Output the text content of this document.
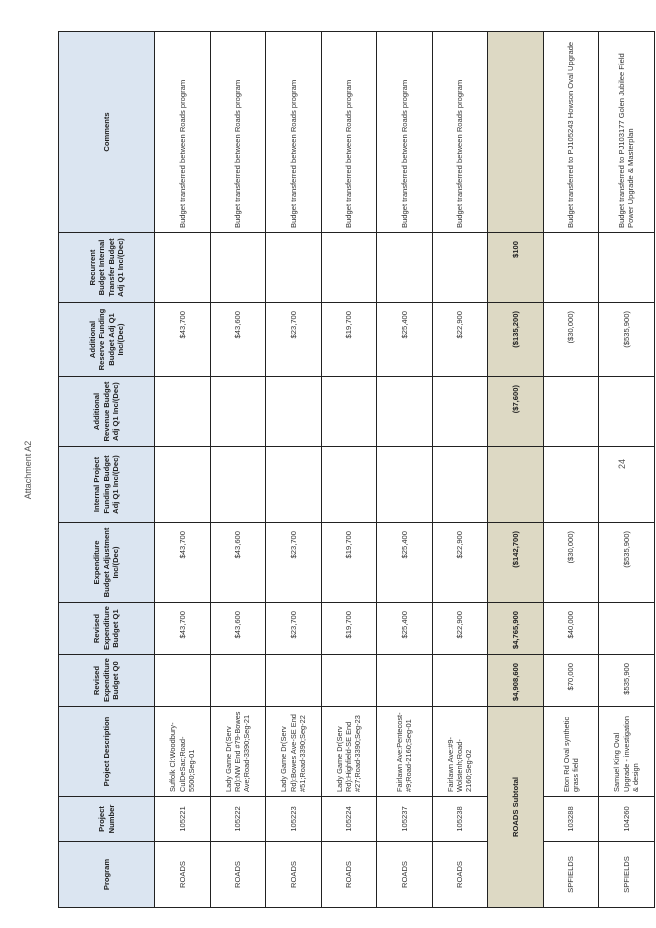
Attachment A2
Program	Project Number	Project Description	Revised Expenditure Budget Q0	Revised Expenditure Budget Q1	Expenditure Budget Adjustment Inc/(Dec)	Internal Project Funding Budget Adj Q1 Inc/(Dec)	Additional Revenue Budget Adj Q1 Inc/(Dec)	Additional Reserve Funding Budget Adj Q1 Inc/(Dec)	Recurrent Budget Internal Transfer Budget Adj Q1 Inc/(Dec)	Comments
ROADS	105221	Suffolk Cl:Woodbury-CulDeSac;Road-5500;Seg-01		$43,700	$43,700			$43,700		Budget transferred between Roads program
ROADS	105222	Lady Game Dr(Serv Rd):NW End #79-Bowes Ave;Road-3390;Seg-21		$43,600	$43,600			$43,600		Budget transferred between Roads program
ROADS	105223	Lady Game Dr(Serv Rd):Bowes Ave-SE End #51;Road-3390;Seg-22		$23,700	$23,700			$23,700		Budget transferred between Roads program
ROADS	105224	Lady Game Dr(Serv Rd):Highfield-SE End #27;Road-3390;Seg-23		$19,700	$19,700			$19,700		Budget transferred between Roads program
ROADS	105237	Fairlawn Ave:Pentecost-#9;Road-2160;Seg-01		$25,400	$25,400			$25,400		Budget transferred between Roads program
ROADS	105238	Fairlawn Ave:#9-Wolstenh;Road-2160;Seg-02		$22,900	$22,900			$22,900		Budget transferred between Roads program
ROADS Subtotal			$4,908,600	$4,765,900	($142,700)		($7,600)	($135,200)	$100	
SPFIELDS	103288	Eton Rd Oval synthetic grass field	$70,000	$40,000	($30,000)			($30,000)		Budget transferred to PJ105243 Howson Oval Upgrade
SPFIELDS	104260	Samuel King Oval Upgrade - investigation & design	$535,900		($535,900)			($535,900)		Budget transferred to PJ103177 Golen Jubilee Field Power Upgrade & Masterplan
24
